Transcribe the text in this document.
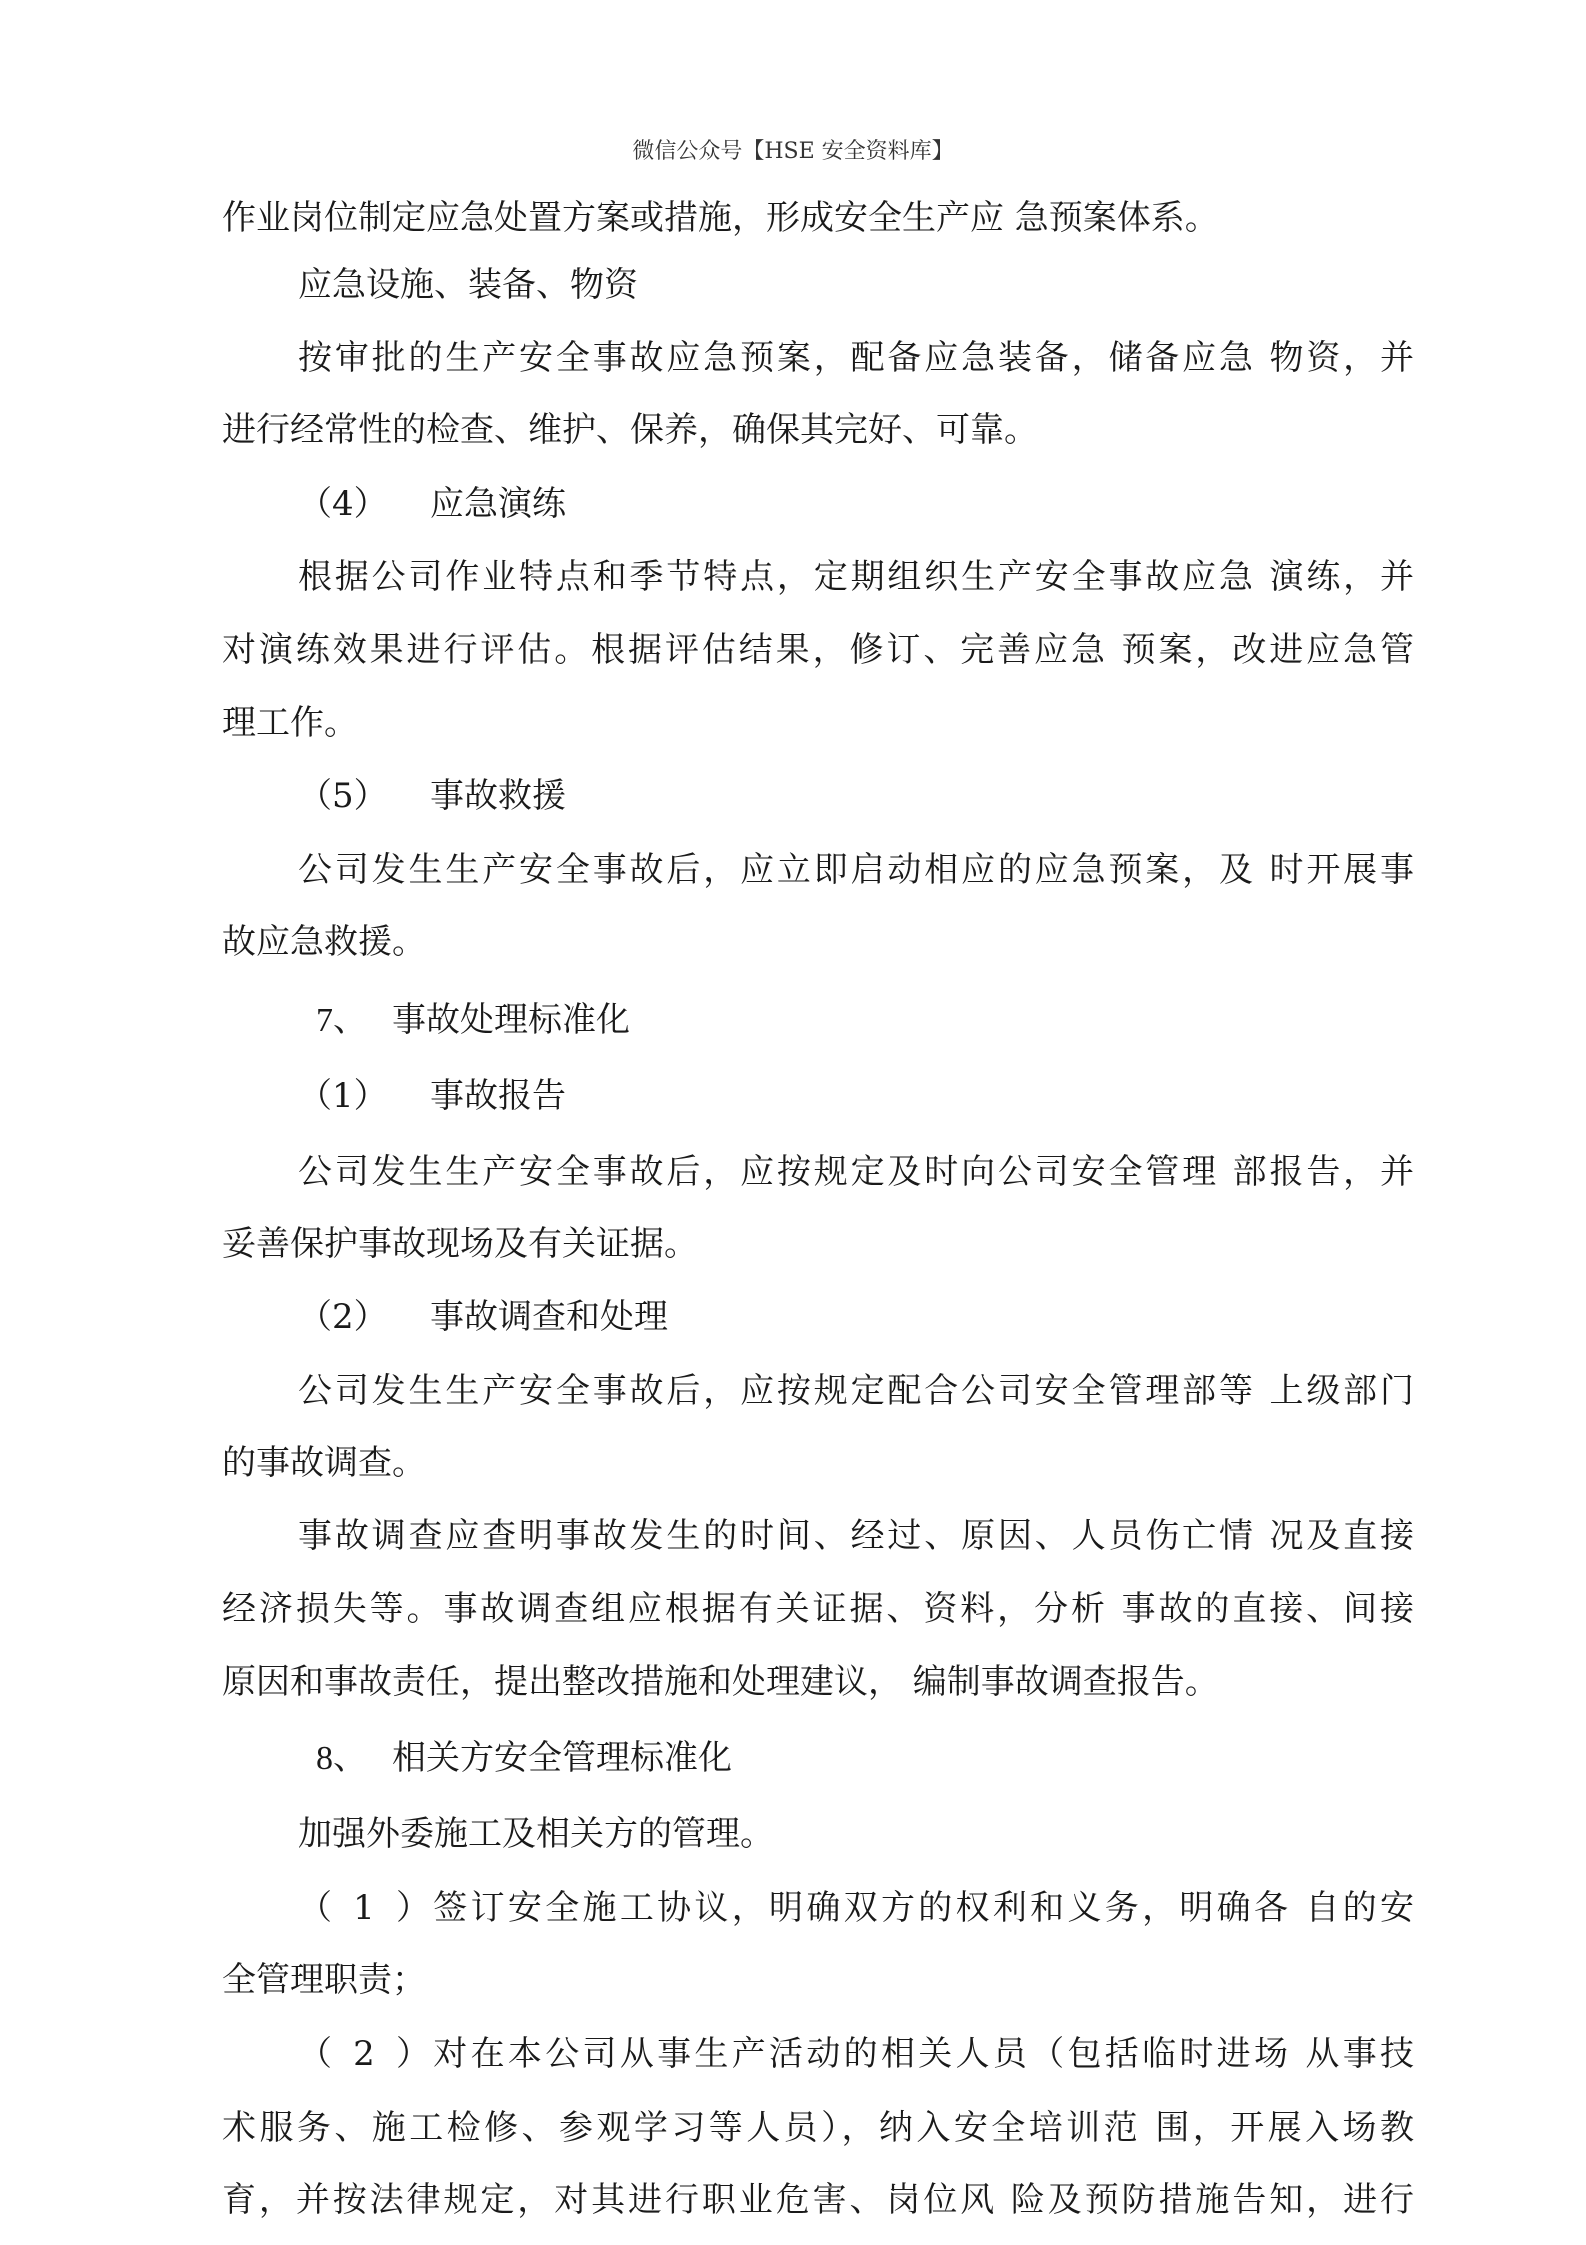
微信公众号【HSE 安全资料库】
作业岗位制定应急处置方案或措施，形成安全生产应 急预案体系。
应急设施、装备、物资
按审批的生产安全事故应急预案，配备应急装备，储备应急 物资，并
进行经常性的检查、维护、保养，确保其完好、可靠。
（4） 应急演练
根据公司作业特点和季节特点，定期组织生产安全事故应急 演练，并
对演练效果进行评估。根据评估结果，修订、完善应急 预案，改进应急管
理工作。
（5） 事故救援
公司发生生产安全事故后，应立即启动相应的应急预案，及 时开展事
故应急救援。
7、 事故处理标准化
（1） 事故报告
公司发生生产安全事故后，应按规定及时向公司安全管理 部报告，并
妥善保护事故现场及有关证据。
（2） 事故调查和处理
公司发生生产安全事故后，应按规定配合公司安全管理部等 上级部门
的事故调查。
事故调查应查明事故发生的时间、经过、原因、人员伤亡情 况及直接
经济损失等。事故调查组应根据有关证据、资料，分析 事故的直接、间接
原因和事故责任，提出整改措施和处理建议， 编制事故调查报告。
8、 相关方安全管理标准化
加强外委施工及相关方的管理。
（1）签订安全施工协议，明确双方的权利和义务，明确各 自的安
全管理职责；
（2）对在本公司从事生产活动的相关人员（包括临时进场 从事技
术服务、施工检修、参观学习等人员），纳入安全培训范 围，开展入场教
育，并按法律规定，对其进行职业危害、岗位风 险及预防措施告知，进行
